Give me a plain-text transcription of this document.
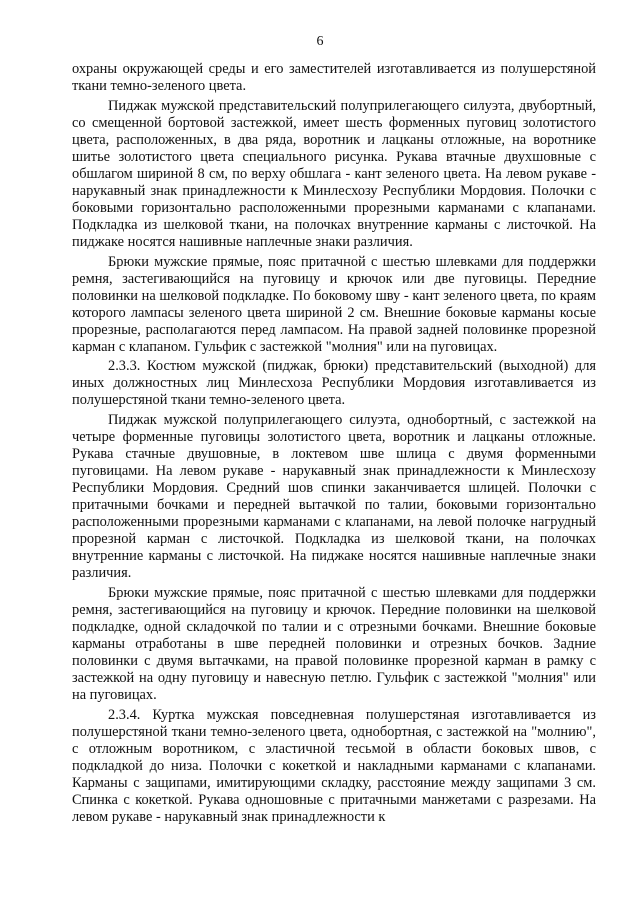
6

охраны окружающей среды и его заместителей изготавливается из полушерстяной ткани темно-зеленого цвета.

Пиджак мужской представительский полуприлегающего силуэта, двубортный, со смещенной бортовой застежкой, имеет шесть форменных пуговиц золотистого цвета, расположенных, в два ряда, воротник и лацканы отложные, на воротнике шитье золотистого цвета специального рисунка. Рукава втачные двухшовные с обшлагом шириной 8 см, по верху обшлага - кант зеленого цвета. На левом рукаве - нарукавный знак принадлежности к Минлесхозу Республики Мордовия. Полочки с боковыми горизонтально расположенными прорезными карманами с клапанами. Подкладка из шелковой ткани, на полочках внутренние карманы с листочкой. На пиджаке носятся нашивные наплечные знаки различия.

Брюки мужские прямые, пояс притачной с шестью шлевками для поддержки ремня, застегивающийся на пуговицу и крючок или две пуговицы. Передние половинки на шелковой подкладке. По боковому шву - кант зеленого цвета, по краям которого лампасы зеленого цвета шириной 2 см. Внешние боковые карманы косые прорезные, располагаются перед лампасом. На правой задней половинке прорезной карман с клапаном. Гульфик с застежкой "молния" или на пуговицах.

2.3.3. Костюм мужской (пиджак, брюки) представительский (выходной) для иных должностных лиц Минлесхоза Республики Мордовия изготавливается из полушерстяной ткани темно-зеленого цвета.

Пиджак мужской полуприлегающего силуэта, однобортный, с застежкой на четыре форменные пуговицы золотистого цвета, воротник и лацканы отложные. Рукава стачные двушовные, в локтевом шве шлица с двумя форменными пуговицами. На левом рукаве - нарукавный знак принадлежности к Минлесхозу Республики Мордовия. Средний шов спинки заканчивается шлицей. Полочки с притачными бочками и передней вытачкой по талии, боковыми горизонтально расположенными прорезными карманами с клапанами, на левой полочке нагрудный прорезной карман с листочкой. Подкладка из шелковой ткани, на полочках внутренние карманы с листочкой. На пиджаке носятся нашивные наплечные знаки различия.

Брюки мужские прямые, пояс притачной с шестью шлевками для поддержки ремня, застегивающийся на пуговицу и крючок. Передние половинки на шелковой подкладке, одной складочкой по талии и с отрезными бочками. Внешние боковые карманы отработаны в шве передней половинки и отрезных бочков. Задние половинки с двумя вытачками, на правой половинке прорезной карман в рамку с застежкой на одну пуговицу и навесную петлю. Гульфик с застежкой "молния" или на пуговицах.

2.3.4. Куртка мужская повседневная полушерстяная изготавливается из полушерстяной ткани темно-зеленого цвета, однобортная, с застежкой на "молнию", с отложным воротником, с эластичной тесьмой в области боковых швов, с подкладкой до низа. Полочки с кокеткой и накладными карманами с клапанами. Карманы с защипами, имитирующими складку, расстояние между защипами 3 см. Спинка с кокеткой. Рукава одношовные с притачными манжетами с разрезами. На левом рукаве - нарукавный знак принадлежности к
